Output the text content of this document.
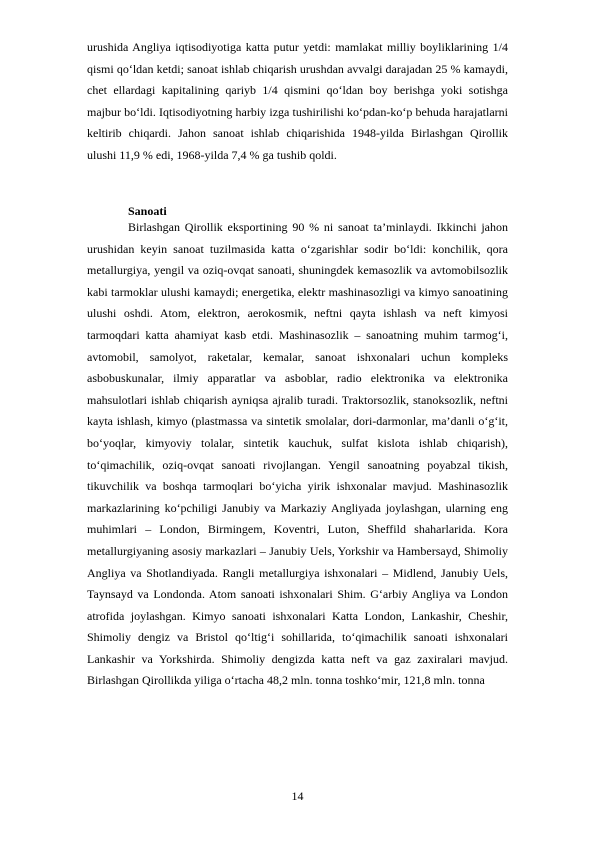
urushida Angliya iqtisodiyotiga katta putur yetdi: mamlakat milliy boyliklarining 1/4 qismi qo‘ldan ketdi; sanoat ishlab chiqarish urushdan avvalgi darajadan 25 % kamaydi, chet ellardagi kapitalining qariyb 1/4 qismini qo‘ldan boy berishga yoki sotishga majbur bo‘ldi. Iqtisodiyotning harbiy izga tushirilishi ko‘pdan-ko‘p behuda harajatlarni keltirib chiqardi. Jahon sanoat ishlab chiqarishida 1948-yilda Birlashgan Qirollik ulushi 11,9 % edi, 1968-yilda 7,4 % ga tushib qoldi.

Sanoati

Birlashgan Qirollik eksportining 90 % ni sanoat ta’minlaydi. Ikkinchi jahon urushidan keyin sanoat tuzilmasida katta o‘zgarishlar sodir bo‘ldi: konchilik, qora metallurgiya, yengil va oziq-ovqat sanoati, shuningdek kemasozlik va avtomobilsozlik kabi tarmoklar ulushi kamaydi; energetika, elektr mashinasozligi va kimyo sanoatining ulushi oshdi. Atom, elektron, aerokosmik, neftni qayta ishlash va neft kimyosi tarmoqdari katta ahamiyat kasb etdi. Mashinasozlik – sanoatning muhim tarmog‘i, avtomobil, samolyot, raketalar, kemalar, sanoat ishxonalari uchun kompleks asbobuskunalar, ilmiy apparatlar va asboblar, radio elektronika va elektronika mahsulotlari ishlab chiqarish ayniqsa ajralib turadi. Traktorsozlik, stanoksozlik, neftni kayta ishlash, kimyo (plastmassa va sintetik smolalar, dori-darmonlar, ma’danli o‘g‘it, bo‘yoqlar, kimyoviy tolalar, sintetik kauchuk, sulfat kislota ishlab chiqarish), to‘qimachilik, oziq-ovqat sanoati rivojlangan. Yengil sanoatning poyabzal tikish, tikuvchilik va boshqa tarmoqlari bo‘yicha yirik ishxonalar mavjud. Mashinasozlik markazlarining ko‘pchiligi Janubiy va Markaziy Angliyada joylashgan, ularning eng muhimlari – London, Birmingem, Koventri, Luton, Sheffild shaharlarida. Kora metallurgiyaning asosiy markazlari – Janubiy Uels, Yorkshir va Hambersayd, Shimoliy Angliya va Shotlandiyada. Rangli metallurgiya ishxonalari – Midlend, Janubiy Uels, Taynsayd va Londonda. Atom sanoati ishxonalari Shim. G‘arbiy Angliya va London atrofida joylashgan. Kimyo sanoati ishxonalari Katta London, Lankashir, Cheshir, Shimoliy dengiz va Bristol qo‘ltig‘i sohillarida, to‘qimachilik sanoati ishxonalari Lankashir va Yorkshirda. Shimoliy dengizda katta neft va gaz zaxiralari mavjud. Birlashgan Qirollikda yiliga o‘rtacha 48,2 mln. tonna toshko‘mir, 121,8 mln. tonna

14
